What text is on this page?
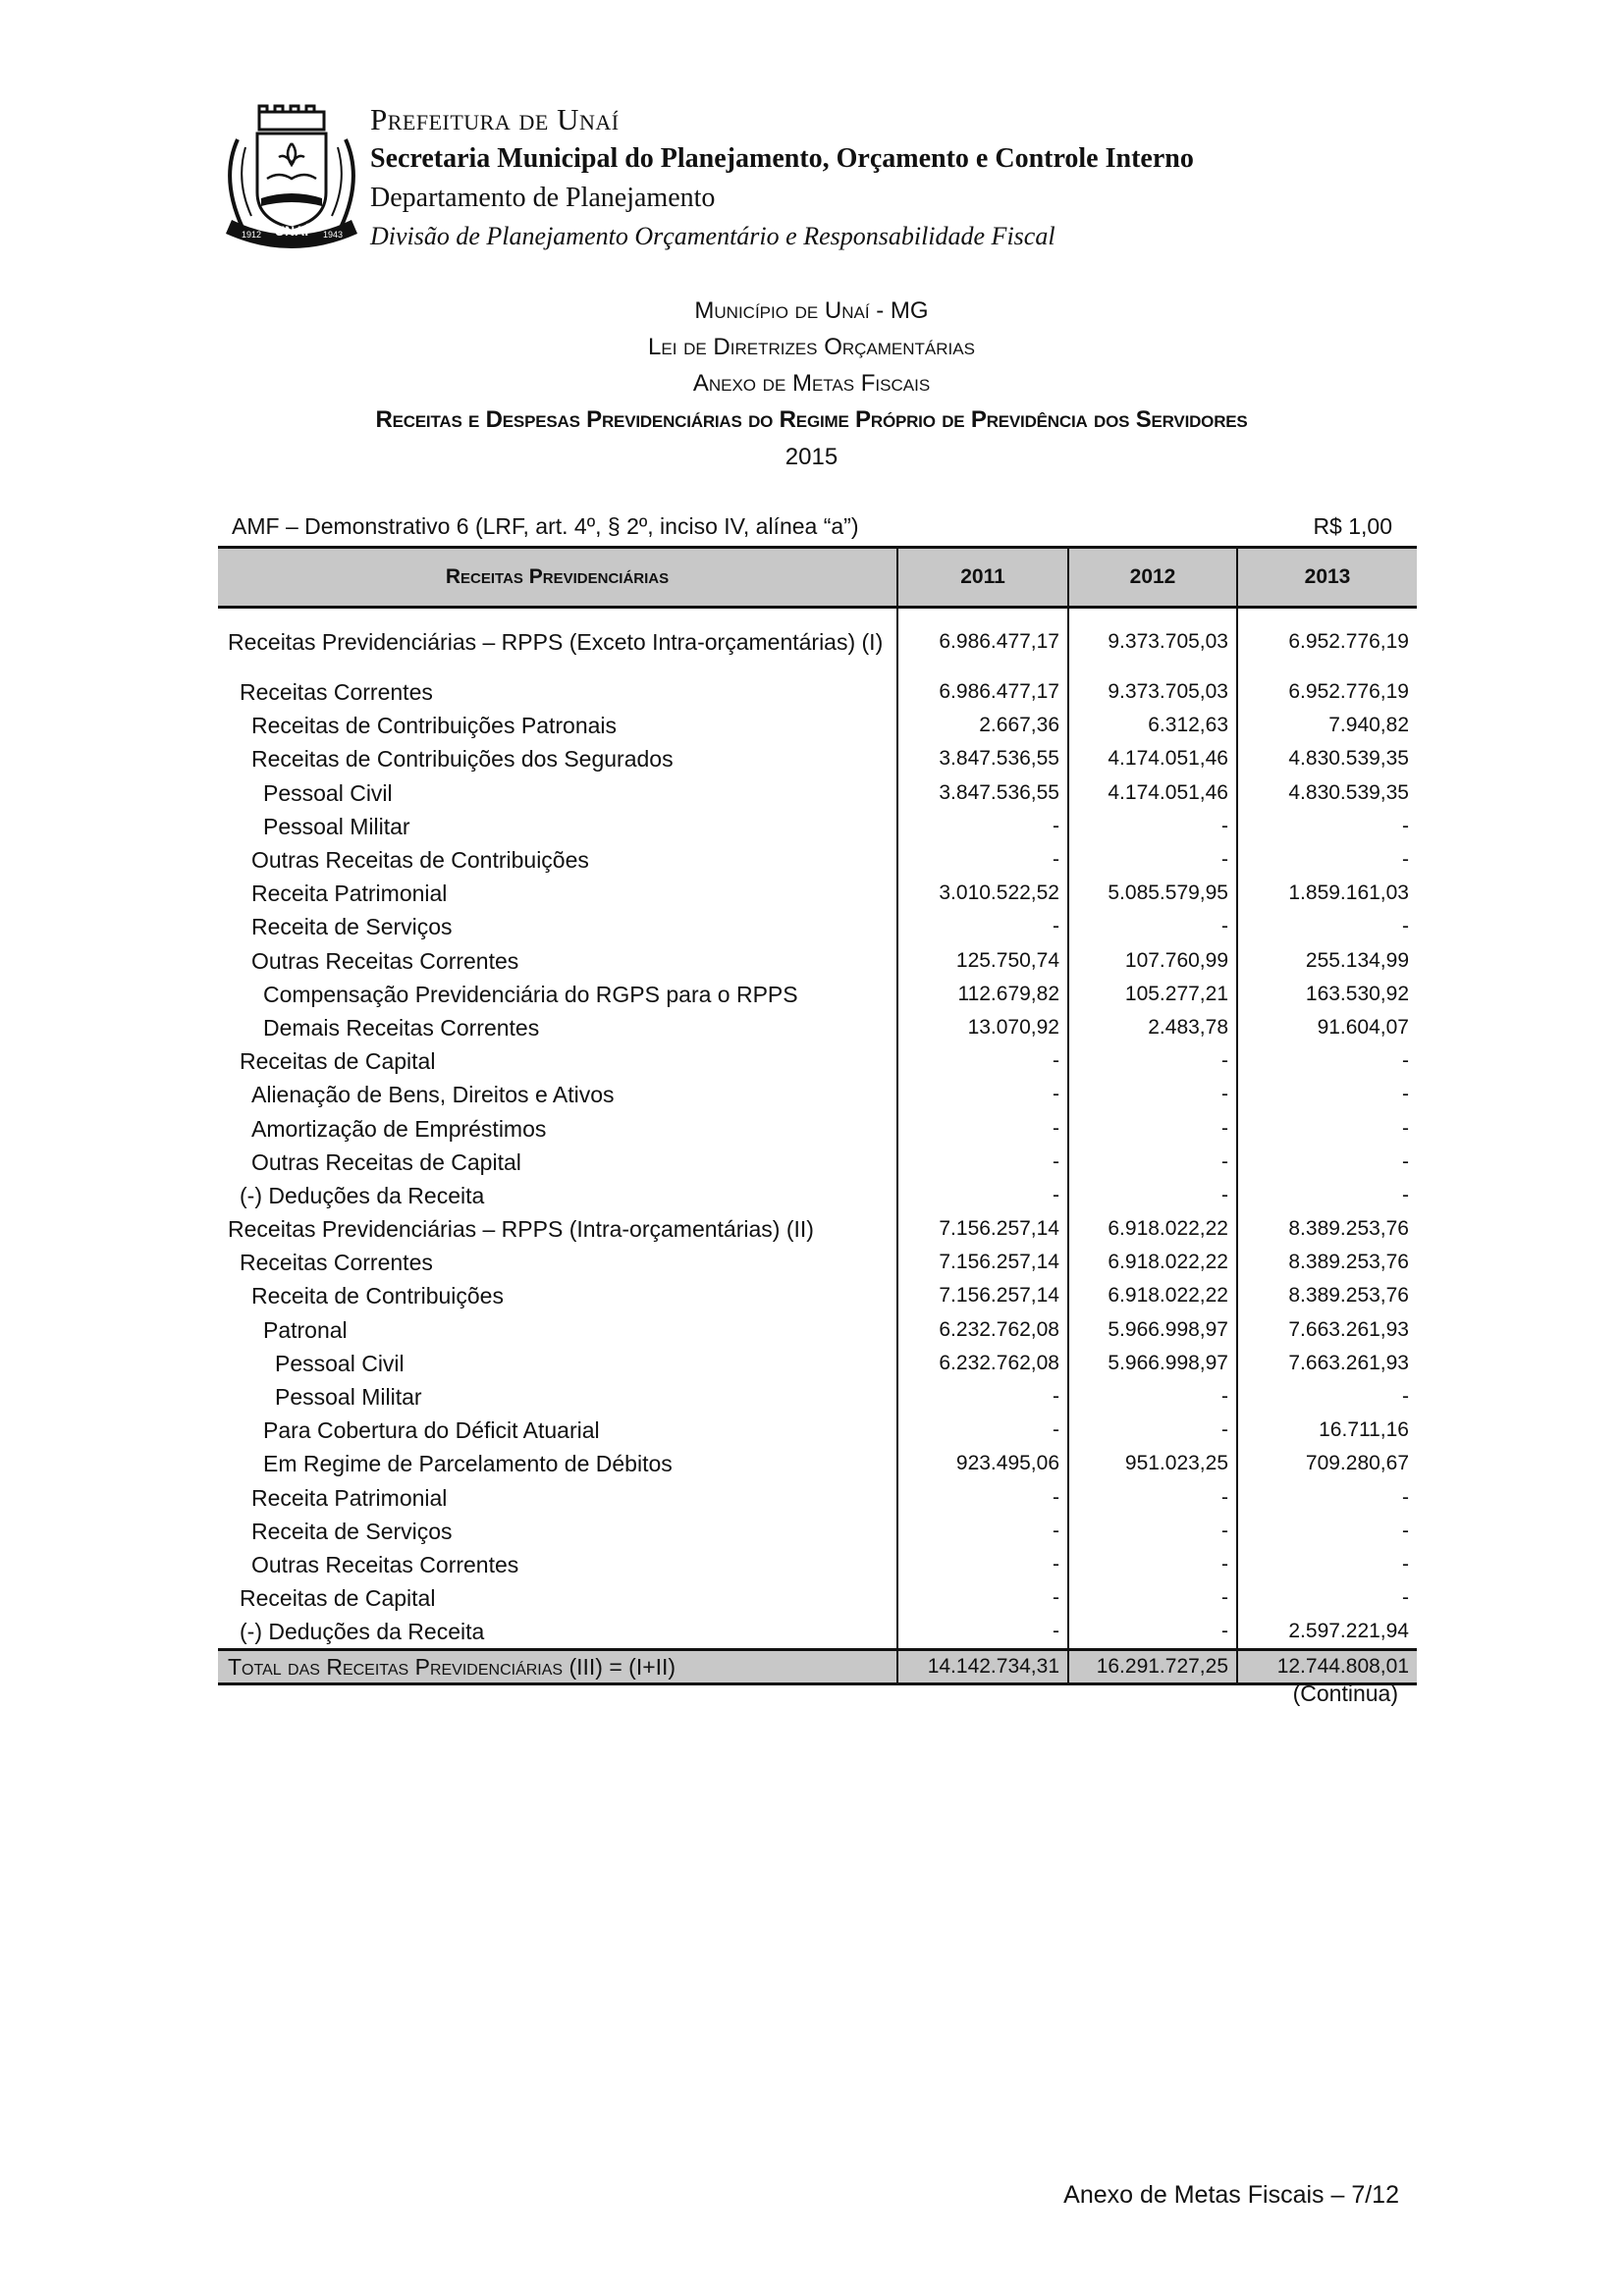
UNAÍ
1912	1943
Prefeitura de Unaí
Secretaria Municipal do Planejamento, Orçamento e Controle Interno
Departamento de Planejamento
Divisão de Planejamento Orçamentário e Responsabilidade Fiscal
Município de Unaí - MG
Lei de Diretrizes Orçamentárias
Anexo de Metas Fiscais
Receitas e Despesas Previdenciárias do Regime Próprio de Previdência dos Servidores
2015
AMF – Demonstrativo 6 (LRF, art. 4º, § 2º, inciso IV, alínea “a”)	R$ 1,00
Receitas Previdenciárias	2011	2012	2013
Receitas Previdenciárias – RPPS (Exceto Intra-orçamentárias) (I)	6.986.477,17	9.373.705,03	6.952.776,19
Receitas Correntes	6.986.477,17	9.373.705,03	6.952.776,19
Receitas de Contribuições Patronais	2.667,36	6.312,63	7.940,82
Receitas de Contribuições dos Segurados	3.847.536,55	4.174.051,46	4.830.539,35
Pessoal Civil	3.847.536,55	4.174.051,46	4.830.539,35
Pessoal Militar	-	-	-
Outras Receitas de Contribuições	-	-	-
Receita Patrimonial	3.010.522,52	5.085.579,95	1.859.161,03
Receita de Serviços	-	-	-
Outras Receitas Correntes	125.750,74	107.760,99	255.134,99
Compensação Previdenciária do RGPS para o RPPS	112.679,82	105.277,21	163.530,92
Demais Receitas Correntes	13.070,92	2.483,78	91.604,07
Receitas de Capital	-	-	-
Alienação de Bens, Direitos e Ativos	-	-	-
Amortização de Empréstimos	-	-	-
Outras Receitas de Capital	-	-	-
(-) Deduções da Receita	-	-	-
Receitas Previdenciárias – RPPS (Intra-orçamentárias) (II)	7.156.257,14	6.918.022,22	8.389.253,76
Receitas Correntes	7.156.257,14	6.918.022,22	8.389.253,76
Receita de Contribuições	7.156.257,14	6.918.022,22	8.389.253,76
Patronal	6.232.762,08	5.966.998,97	7.663.261,93
Pessoal Civil	6.232.762,08	5.966.998,97	7.663.261,93
Pessoal Militar	-	-	-
Para Cobertura do Déficit Atuarial	-	-	16.711,16
Em Regime de Parcelamento de Débitos	923.495,06	951.023,25	709.280,67
Receita Patrimonial	-	-	-
Receita de Serviços	-	-	-
Outras Receitas Correntes	-	-	-
Receitas de Capital	-	-	-
(-) Deduções da Receita	-	-	2.597.221,94
Total das Receitas Previdenciárias (III) = (I+II)	14.142.734,31	16.291.727,25	12.744.808,01
(Continua)
Anexo de Metas Fiscais – 7/12
